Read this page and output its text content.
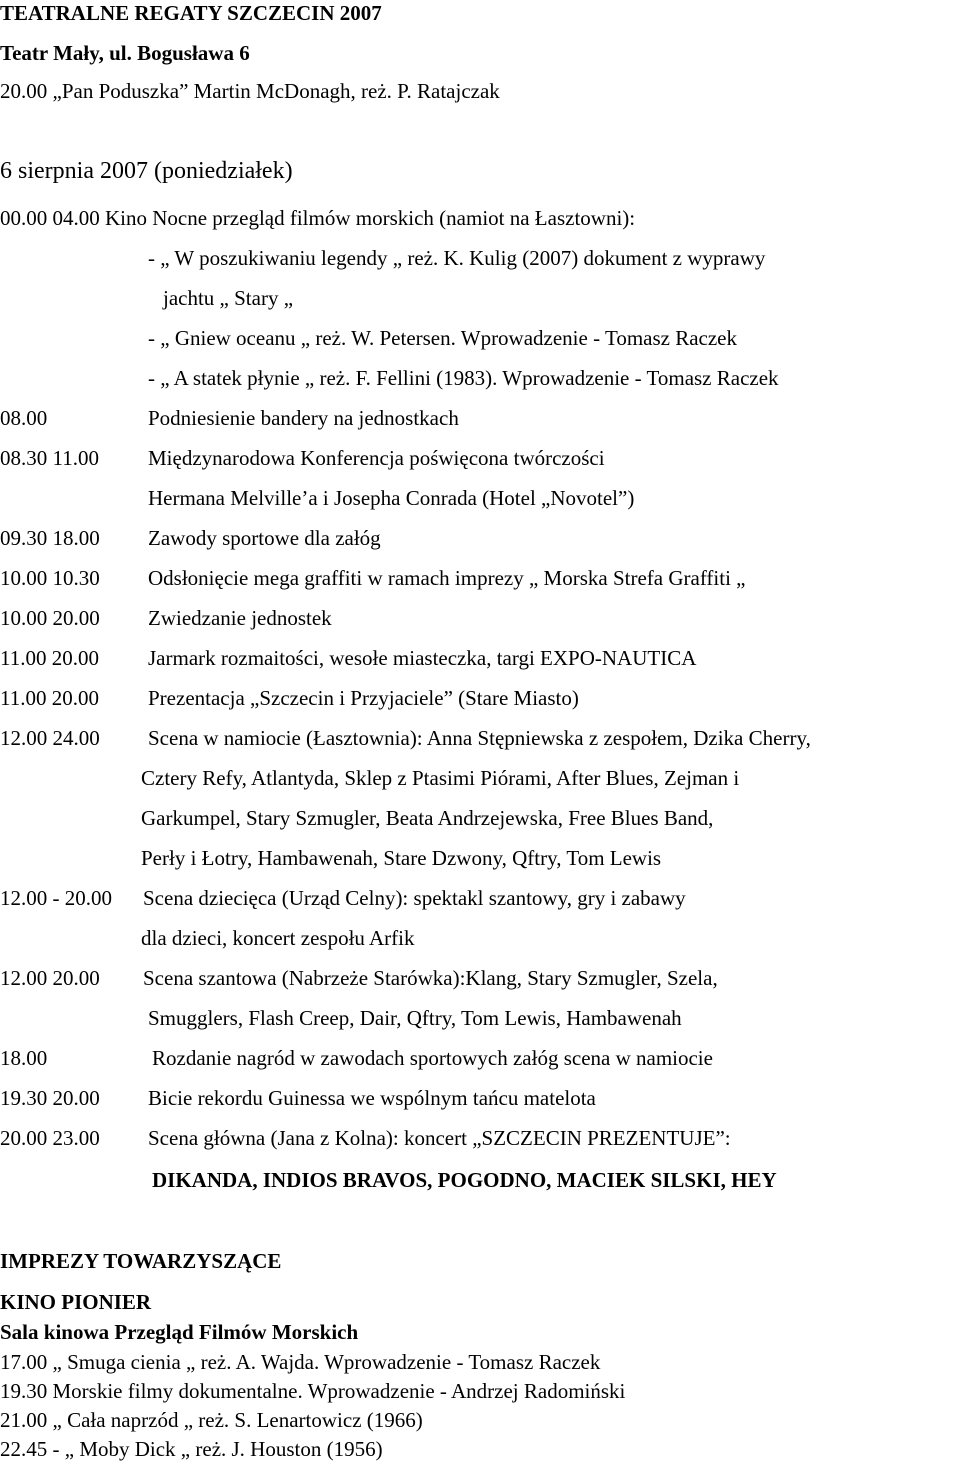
TEATRALNE REGATY SZCZECIN 2007
Teatr Mały, ul. Bogusława 6
20.00 „Pan Poduszka” Martin McDonagh, reż. P. Ratajczak
6 sierpnia 2007 (poniedziałek)
00.00 04.00 Kino Nocne przegląd filmów morskich (namiot na Łasztowni):
- „ W poszukiwaniu legendy „ reż. K. Kulig (2007) dokument z wyprawy
jachtu „ Stary „
- „ Gniew oceanu „ reż. W. Petersen. Wprowadzenie - Tomasz Raczek
- „ A statek płynie „ reż. F. Fellini (1983). Wprowadzenie - Tomasz Raczek
08.00	Podniesienie bandery na jednostkach
08.30 11.00 Międzynarodowa Konferencja poświęcona twórczości
Hermana Melville’a i Josepha Conrada (Hotel „Novotel”)
09.30 18.00 Zawody sportowe dla załóg
10.00 10.30 Odsłonięcie mega graffiti w ramach imprezy „ Morska Strefa Graffiti „
10.00 20.00 Zwiedzanie jednostek
11.00 20.00 Jarmark rozmaitości, wesołe miasteczka, targi EXPO-NAUTICA
11.00 20.00 Prezentacja „Szczecin i Przyjaciele” (Stare Miasto)
12.00 24.00 Scena w namiocie (Łasztownia): Anna Stępniewska z zespołem, Dzika Cherry,
Cztery Refy, Atlantyda, Sklep z Ptasimi Piórami, After Blues, Zejman i
Garkumpel, Stary Szmugler, Beata Andrzejewska, Free Blues Band,
Perły i Łotry, Hambawenah, Stare Dzwony, Qftry, Tom Lewis
12.00 - 20.00 Scena dziecięca (Urząd Celny): spektakl szantowy, gry i zabawy
dla dzieci, koncert zespołu Arfik
12.00 20.00 Scena szantowa (Nabrzeże Starówka):Klang, Stary Szmugler, Szela,
Smugglers, Flash Creep, Dair, Qftry, Tom Lewis, Hambawenah
18.00	Rozdanie nagród w zawodach sportowych załóg scena w namiocie
19.30 20.00 Bicie rekordu Guinessa we wspólnym tańcu matelota
20.00 23.00 Scena główna (Jana z Kolna): koncert „SZCZECIN PREZENTUJE”:
DIKANDA, INDIOS BRAVOS, POGODNO, MACIEK SILSKI, HEY
IMPREZY TOWARZYSZĄCE
KINO PIONIER
Sala kinowa Przegląd Filmów Morskich
17.00 „ Smuga cienia „ reż. A. Wajda. Wprowadzenie - Tomasz Raczek
19.30 Morskie filmy dokumentalne. Wprowadzenie - Andrzej Radomiński
21.00 „ Cała naprzód „ reż. S. Lenartowicz (1966)
22.45 - „ Moby Dick „ reż. J. Houston (1956)
